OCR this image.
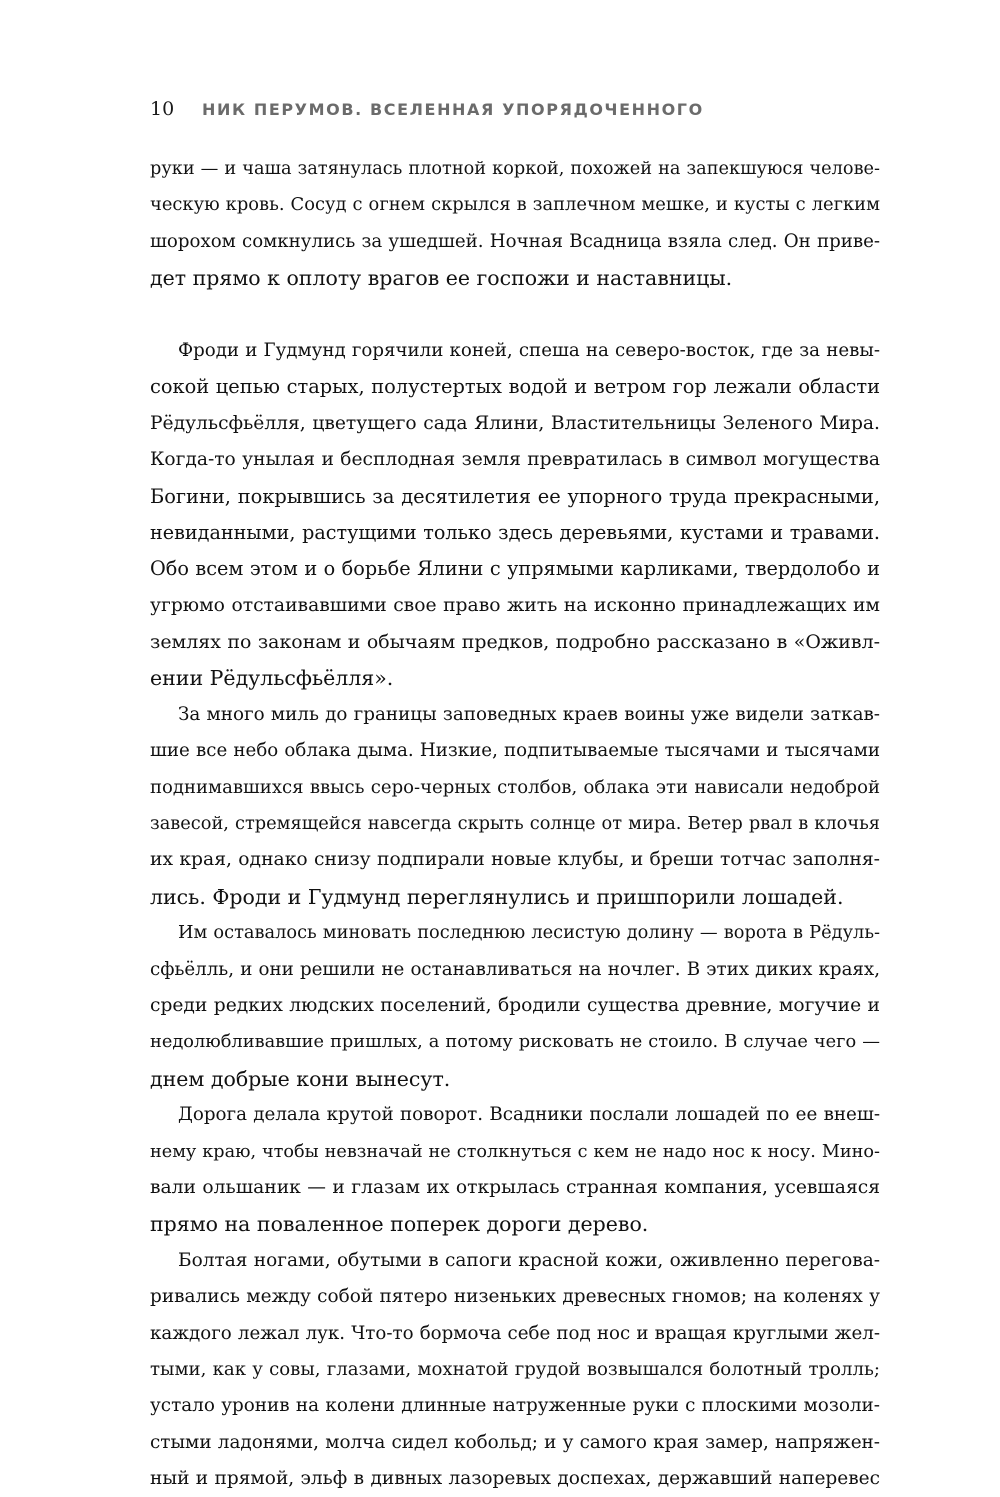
10	НИК ПЕРУМОВ. ВСЕЛЕННАЯ УПОРЯДОЧЕННОГО
руки — и чаша затянулась плотной коркой, похожей на запекшуюся челове-
ческую кровь. Сосуд с огнем скрылся в заплечном мешке, и кусты с легким
шорохом сомкнулись за ушедшей. Ночная Всадница взяла след. Он приве-
дет прямо к оплоту врагов ее госпожи и наставницы.
Фроди и Гудмунд горячили коней, спеша на северо-восток, где за невы-
сокой цепью старых, полустертых водой и ветром гор лежали области
Рёдульсфьёлля, цветущего сада Ялини, Властительницы Зеленого Мира.
Когда-то унылая и бесплодная земля превратилась в символ могущества
Богини, покрывшись за десятилетия ее упорного труда прекрасными,
невиданными, растущими только здесь деревьями, кустами и травами.
Обо всем этом и о борьбе Ялини с упрямыми карликами, твердолобо и
угрюмо отстаивавшими свое право жить на исконно принадлежащих им
землях по законам и обычаям предков, подробно рассказано в «Оживл-
ении Рёдульсфьёлля».
За много миль до границы заповедных краев воины уже видели заткав-
шие все небо облака дыма. Низкие, подпитываемые тысячами и тысячами
поднимавшихся ввысь серо-черных столбов, облака эти нависали недоброй
завесой, стремящейся навсегда скрыть солнце от мира. Ветер рвал в клочья
их края, однако снизу подпирали новые клубы, и бреши тотчас заполня-
лись. Фроди и Гудмунд переглянулись и пришпорили лошадей.
Им оставалось миновать последнюю лесистую долину — ворота в Рёдуль-
сфьёлль, и они решили не останавливаться на ночлег. В этих диких краях,
среди редких людских поселений, бродили существа древние, могучие и
недолюбливавшие пришлых, а потому рисковать не стоило. В случае чего —
днем добрые кони вынесут.
Дорога делала крутой поворот. Всадники послали лошадей по ее внеш-
нему краю, чтобы невзначай не столкнуться с кем не надо нос к носу. Мино-
вали ольшаник — и глазам их открылась странная компания, усевшаяся
прямо на поваленное поперек дороги дерево.
Болтая ногами, обутыми в сапоги красной кожи, оживленно перегова-
ривались между собой пятеро низеньких древесных гномов; на коленях у
каждого лежал лук. Что-то бормоча себе под нос и вращая круглыми жел-
тыми, как у совы, глазами, мохнатой грудой возвышался болотный тролль;
устало уронив на колени длинные натруженные руки с плоскими мозоли-
стыми ладонями, молча сидел кобольд; и у самого края замер, напряжен-
ный и прямой, эльф в дивных лазоревых доспехах, державший наперевес
